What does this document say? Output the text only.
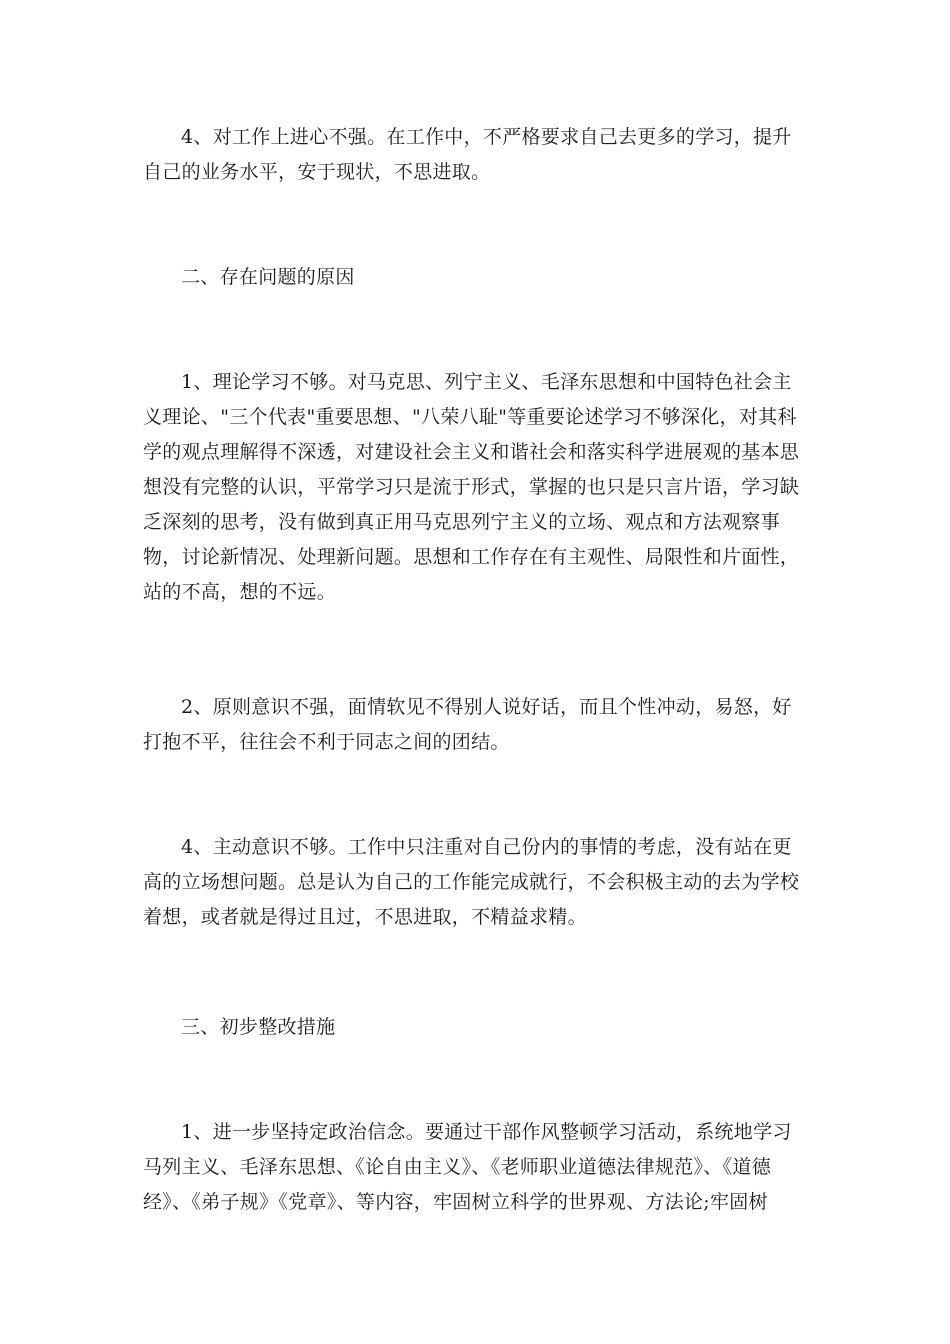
4、对工作上进心不强。在工作中，不严格要求自己去更多的学习，提升自己的业务水平，安于现状，不思进取。

二、存在问题的原因

1、理论学习不够。对马克思、列宁主义、毛泽东思想和中国特色社会主义理论、"三个代表"重要思想、"八荣八耻"等重要论述学习不够深化，对其科学的观点理解得不深透，对建设社会主义和谐社会和落实科学进展观的基本思想没有完整的认识，平常学习只是流于形式，掌握的也只是只言片语，学习缺乏深刻的思考，没有做到真正用马克思列宁主义的立场、观点和方法观察事物，讨论新情况、处理新问题。思想和工作存在有主观性、局限性和片面性，站的不高，想的不远。

2、原则意识不强，面情软见不得别人说好话，而且个性冲动，易怒，好打抱不平，往往会不利于同志之间的团结。

4、主动意识不够。工作中只注重对自己份内的事情的考虑，没有站在更高的立场想问题。总是认为自己的工作能完成就行，不会积极主动的去为学校着想，或者就是得过且过，不思进取，不精益求精。

三、初步整改措施

1、进一步坚持定政治信念。要通过干部作风整顿学习活动，系统地学习马列主义、毛泽东思想、《论自由主义》、《老师职业道德法律规范》、《道德经》、《弟子规》《党章》、等内容，牢固树立科学的世界观、方法论;牢固树
